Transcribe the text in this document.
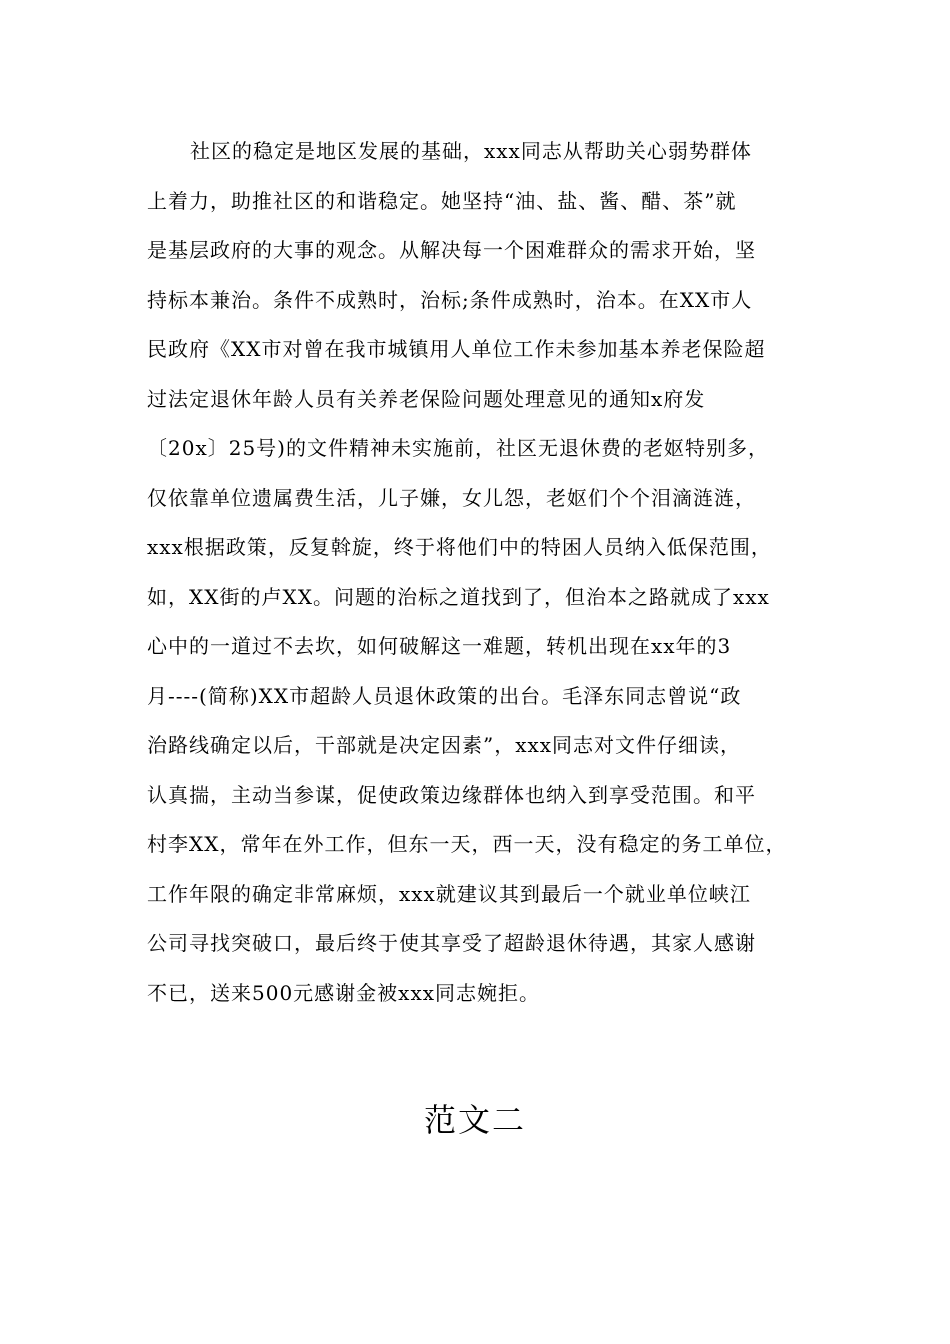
社区的稳定是地区发展的基础，xxx同志从帮助关心弱势群体
上着力，助推社区的和谐稳定。她坚持“油、盐、酱、醋、茶”就
是基层政府的大事的观念。从解决每一个困难群众的需求开始，坚
持标本兼治。条件不成熟时，治标;条件成熟时，治本。在XX市人
民政府《XX市对曾在我市城镇用人单位工作未参加基本养老保险超
过法定退休年龄人员有关养老保险问题处理意见的通知x府发
〔20x〕25号)的文件精神未实施前，社区无退休费的老妪特别多，
仅依靠单位遗属费生活，儿子嫌，女儿怨，老妪们个个泪滴涟涟，
xxx根据政策，反复斡旋，终于将他们中的特困人员纳入低保范围，
如，XX街的卢XX。问题的治标之道找到了，但治本之路就成了xxx
心中的一道过不去坎，如何破解这一难题，转机出现在xx年的3
月----(简称)XX市超龄人员退休政策的出台。毛泽东同志曾说“政
治路线确定以后，干部就是决定因素”，xxx同志对文件仔细读，
认真揣，主动当参谋，促使政策边缘群体也纳入到享受范围。和平
村李XX，常年在外工作，但东一天，西一天，没有稳定的务工单位，
工作年限的确定非常麻烦，xxx就建议其到最后一个就业单位峡江
公司寻找突破口，最后终于使其享受了超龄退休待遇，其家人感谢
不已，送来500元感谢金被xxx同志婉拒。
范文二
